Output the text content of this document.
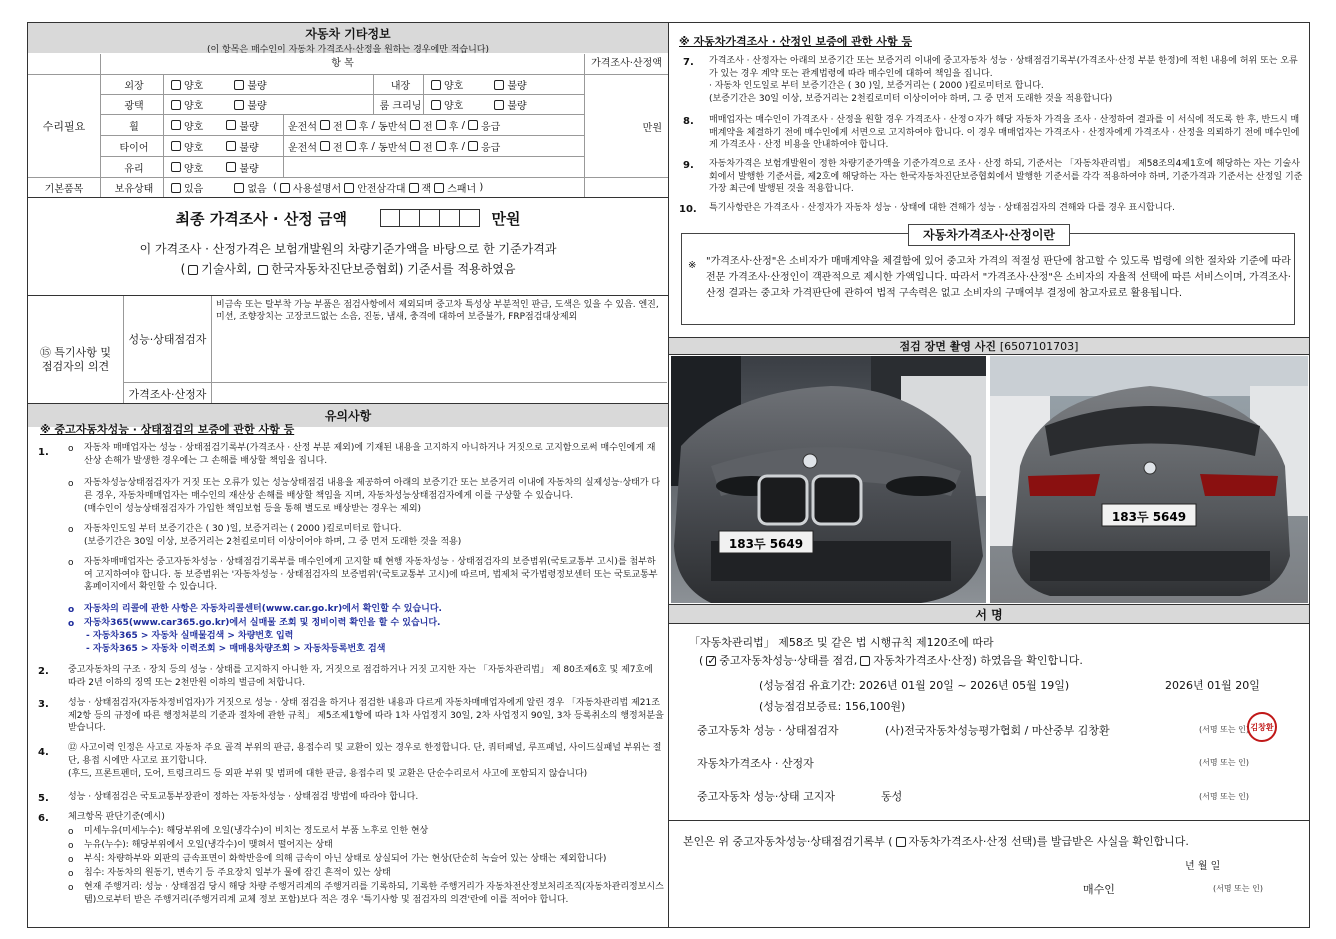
자동차 기타정보
(이 항목은 매수인이 자동차 가격조사·산정을 원하는 경우에만 적습니다)
항 목	가격조사·산정액
수리필요
기본품목
만원
외장	양호	불량	내장	양호	불량
광택	양호	불량	룸 크리닝 양호	불량
휠	양호	불량	운전석 전 후 / 동반석 전 후 / 응급
타이어	양호	불량	운전석 전 후 / 동반석 전 후 / 응급
유리	양호	불량
보유상태	있음	없음 ( 사용설명서 안전삼각대 잭 스패너 )
최종 가격조사 · 산정 금액	만원
이 가격조사 · 산정가격은 보험개발원의 차량기준가액을 바탕으로 한 기준가격과
( 기술사회, 한국자동차진단보증협회) 기준서를 적용하였음
⑮ 특기사항 및 점검자의 의견
성능·상태점검자
비금속 또는 탈부착 가능 부품은 점검사항에서 제외되며 중고차 특성상 부분적인 판금, 도색은 있을 수 있음. 엔진,미션, 조향장치는 고장코드없는 소음, 진동, 냄새, 충격에 대하여 보증불가, FRP점검대상제외
가격조사·산정자
유의사항
※ 중고자동차성능 · 상태점검의 보증에 관한 사항 등
1. o 자동차 매매업자는 성능 · 상태점검기록부(가격조사 · 산정 부분 제외)에 기재된 내용을 고지하지 아니하거나 거짓으로 고지함으로써 매수인에게 재산상 손해가 발생한 경우에는 그 손해를 배상할 책임을 집니다.
o 자동차성능상태점검자가 거짓 또는 오류가 있는 성능상태점검 내용을 제공하여 아래의 보증기간 또는 보증거리 이내에 자동차의 실제성능·상태가 다른 경우, 자동차매매업자는 매수인의 재산상 손해를 배상할 책임을 지며, 자동차성능상태점검자에게 이를 구상할 수 있습니다.
(매수인이 성능상태점검자가 가입한 책임보험 등을 통해 별도로 배상받는 경우는 제외)
o 자동차인도일 부터 보증기간은 ( 30 )일, 보증거리는 ( 2000 )킬로미터로 합니다.
(보증기간은 30일 이상, 보증거리는 2천킬로미터 이상이어야 하며, 그 중 먼저 도래한 것을 적용)
o 자동차매매업자는 중고자동차성능 · 상태점검기록부를 매수인에게 고지할 때 현행 자동차성능 · 상태점검자의 보증범위(국토교통부 고시)를 첨부하여 고지하여야 합니다. 동 보증범위는 '자동차성능 · 상태점검자의 보증범위'(국토교통부 고시)에 따르며, 법제처 국가법령정보센터 또는 국토교통부 홈페이지에서 확인할 수 있습니다.
o 자동차의 리콜에 관한 사항은 자동차리콜센터(www.car.go.kr)에서 확인할 수 있습니다.
o 자동차365(www.car365.go.kr)에서 실매물 조회 및 정비이력 확인을 할 수 있습니다.
- 자동차365 > 자동차 실매물검색 > 차량번호 입력
- 자동차365 > 자동차 이력조회 > 매매용차량조회 > 자동차등록번호 검색
2. 중고자동차의 구조 · 장치 등의 성능 · 상태를 고지하지 아니한 자, 거짓으로 점검하거나 거짓 고지한 자는 「자동차관리법」 제 80조제6호 및 제7호에 따라 2년 이하의 징역 또는 2천만원 이하의 벌금에 처합니다.
3. 성능 · 상태점검자(자동차정비업자)가 거짓으로 성능 · 상태 점검을 하거나 점검한 내용과 다르게 자동차매매업자에게 알린 경우 「자동차관리법 제21조제2항 등의 규정에 따른 행정처분의 기준과 절차에 관한 규칙」 제5조제1항에 따라 1차 사업정지 30일, 2차 사업정지 90일, 3차 등록취소의 행정처분을 받습니다.
4. ⑫ 사고이력 인정은 사고로 자동차 주요 골격 부위의 판금, 용접수리 및 교환이 있는 경우로 한정합니다. 단, 쿼터패널, 루프패널, 사이드실패널 부위는 절단, 용접 시에만 사고로 표기합니다.
(후드, 프론트펜더, 도어, 트렁크리드 등 외판 부위 및 범퍼에 대한 판금, 용접수리 및 교환은 단순수리로서 사고에 포함되지 않습니다)
5. 성능 · 상태점검은 국토교통부장관이 정하는 자동차성능 · 상태점검 방법에 따라야 합니다.
6. 체크항목 판단기준(예시)
o 미세누유(미세누수): 해당부위에 오일(냉각수)이 비치는 정도로서 부품 노후로 인한 현상
o 누유(누수): 해당부위에서 오일(냉각수)이 맺혀서 떨어지는 상태
o 부식: 차량하부와 외판의 금속표면이 화학반응에 의해 금속이 아닌 상태로 상실되어 가는 현상(단순히 녹슬어 있는 상태는 제외합니다)
o 침수: 자동차의 원동기, 변속기 등 주요장치 일부가 물에 잠긴 흔적이 있는 상태
o 현재 주행거리: 성능 · 상태점검 당시 해당 차량 주행거리계의 주행거리를 기록하되, 기록한 주행거리가 자동차전산정보처리조직(자동차관리정보시스템)으로부터 받은 주행거리(주행거리계 교체 정보 포함)보다 적은 경우 '특기사항 및 점검자의 의견'란에 이를 적어야 합니다.
※ 자동차가격조사 · 산정인 보증에 관한 사항 등
7. 가격조사 · 산정자는 아래의 보증기간 또는 보증거리 이내에 중고자동차 성능 · 상태점검기록부(가격조사·산정 부분 한정)에 적힌 내용에 허위 또는 오류가 있는 경우 계약 또는 관계법령에 따라 매수인에 대하여 책임을 집니다.
· 자동차 인도일로 부터 보증기간은 ( 30 )일, 보증거리는 ( 2000 )킬로미터로 합니다.
(보증기간은 30일 이상, 보증거리는 2천킬로미터 이상이어야 하며, 그 중 먼저 도래한 것을 적용합니다)
8. 매매업자는 매수인이 가격조사 · 산정을 원할 경우 가격조사 · 산정ㅇ자가 해당 자동차 가격을 조사 · 산정하여 결과를 이 서식에 적도록 한 후, 반드시 매매계약을 체결하기 전에 매수인에게 서면으로 고지하여야 합니다. 이 경우 매매업자는 가격조사 · 산정자에게 가격조사 · 산정을 의뢰하기 전에 매수인에게 가격조사 · 산정 비용을 안내하여야 합니다.
9. 자동차가격은 보험개발원이 정한 차량기준가액을 기준가격으로 조사 · 산정 하되, 기준서는 「자동차관리법」 제58조의4제1호에 해당하는 자는 기술사회에서 발행한 기준서를, 제2호에 해당하는 자는 한국자동차진단보증협회에서 발행한 기준서를 각각 적용하여야 하며, 기준가격과 기준서는 산정일 기준 가장 최근에 발행된 것을 적용합니다.
10. 특기사항란은 가격조사 · 산정자가 자동차 성능 · 상태에 대한 견해가 성능 · 상태점검자의 견해와 다를 경우 표시합니다.
자동차가격조사·산정이란
※ "가격조사·산정"은 소비자가 매매계약을 체결함에 있어 중고차 가격의 적절성 판단에 참고할 수 있도록 법령에 의한 절차와 기준에 따라 전문 가격조사·산정인이 객관적으로 제시한 가액입니다. 따라서 "가격조사·산정"은 소비자의 자율적 선택에 따른 서비스이며, 가격조사·산정 결과는 중고차 가격판단에 관하여 법적 구속력은 없고 소비자의 구매여부 결정에 참고자료로 활용됩니다.
점검 장면 촬영 사진 [6507101703]
183두 5649
183두 5649
서 명
「자동차관리법」 제58조 및 같은 법 시행규칙 제120조에 따라
(✓ 중고자동차성능·상태를 점검, 자동차가격조사·산정) 하였음을 확인합니다.
(성능점검 유효기간: 2026년 01월 20일 ~ 2026년 05월 19일)	2026년 01월 20일
(성능점검보증료: 156,100원)
중고자동차 성능 · 상태점검자	(사)전국자동차성능평가협회 / 마산중부 김창환	(서명 또는 인) 김창환
자동차가격조사 · 산정자	(서명 또는 인)
중고자동차 성능·상태 고지자	동성	(서명 또는 인)
본인은 위 중고자동차성능·상태점검기록부 ( 자동차가격조사·산정 선택)를 발급받은 사실을 확인합니다.
년 월 일
매수인	(서명 또는 인)
